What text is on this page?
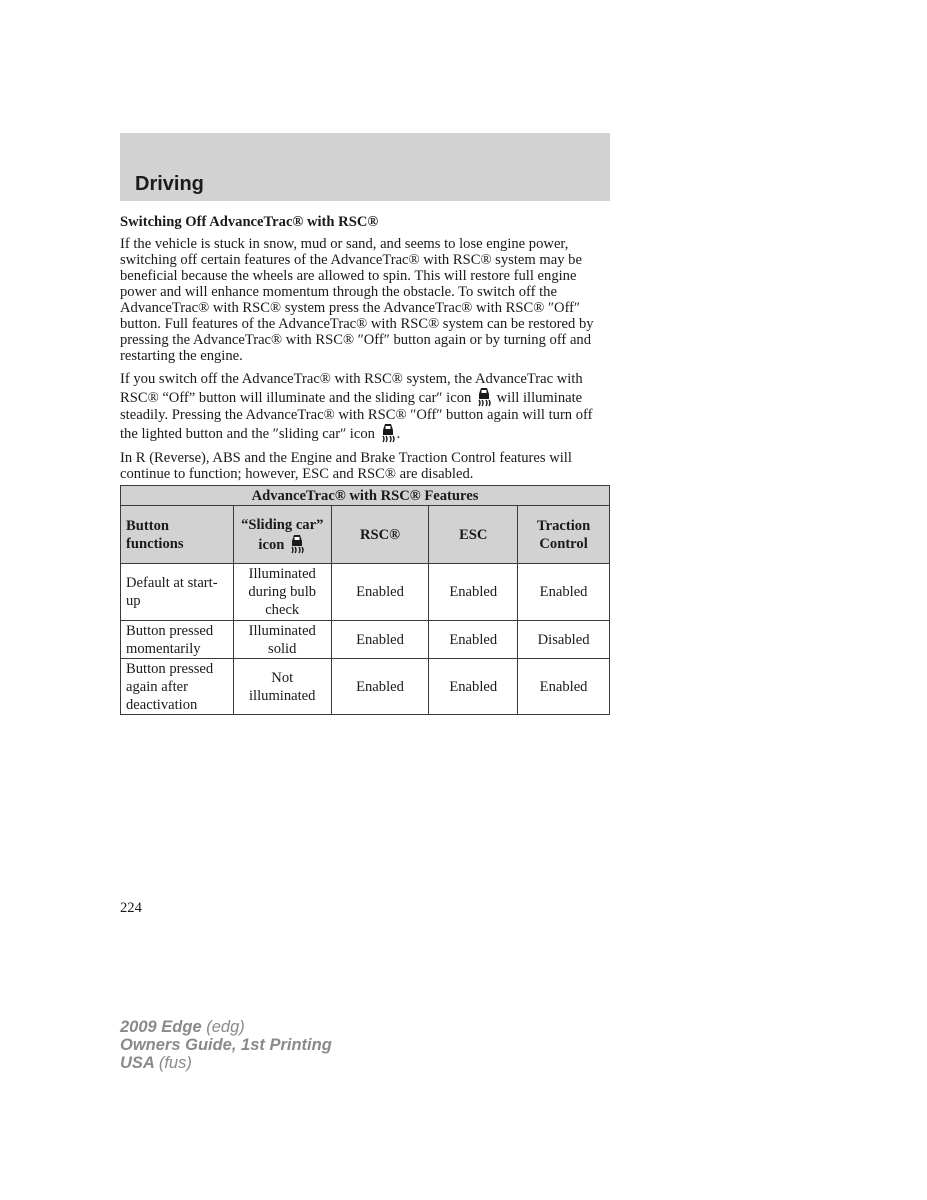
Driving

Switching Off AdvanceTrac® with RSC®

If the vehicle is stuck in snow, mud or sand, and seems to lose engine power, switching off certain features of the AdvanceTrac® with RSC® system may be beneficial because the wheels are allowed to spin. This will restore full engine power and will enhance momentum through the obstacle. To switch off the AdvanceTrac® with RSC® system press the AdvanceTrac® with RSC® ″Off″ button. Full features of the AdvanceTrac® with RSC® system can be restored by pressing the AdvanceTrac® with RSC® ″Off″ button again or by turning off and restarting the engine.

If you switch off the AdvanceTrac® with RSC® system, the AdvanceTrac with RSC® “Off” button will illuminate and the sliding car″ icon will illuminate steadily. Pressing the AdvanceTrac® with RSC® ″Off″ button again will turn off the lighted button and the ″sliding car″ icon .

In R (Reverse), ABS and the Engine and Brake Traction Control features will continue to function; however, ESC and RSC® are disabled.

AdvanceTrac® with RSC® Features				
Button functions	“Sliding car” icon	RSC®	ESC	Traction Control
Default at start-up	Illuminated during bulb check	Enabled	Enabled	Enabled
Button pressed momentarily	Illuminated solid	Enabled	Enabled	Disabled
Button pressed again after deactivation	Not illuminated	Enabled	Enabled	Enabled
224
2009 Edge (edg)
Owners Guide, 1st Printing
USA (fus)
